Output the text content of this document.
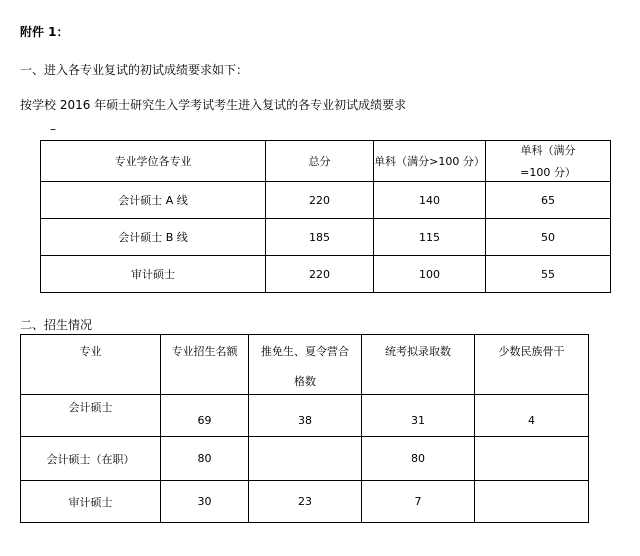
附件 1：
一、进入各专业复试的初试成绩要求如下：
按学校 2016 年硕士研究生入学考试考生进入复试的各专业初试成绩要求
–
专业学位各专业	总分	单科（满分>100 分）	单科（满分
=100 分）

会计硕士 A 线	220	140	65
会计硕士 B 线	185	115	50
审计硕士	220	100	55
二、招生情况
专业	专业招生名额	推免生、夏令营合
格数	统考拟录取数	少数民族骨干
会计硕士	69	38	31	4
会计硕士（在职）	80		80	
审计硕士	30	23	7	
